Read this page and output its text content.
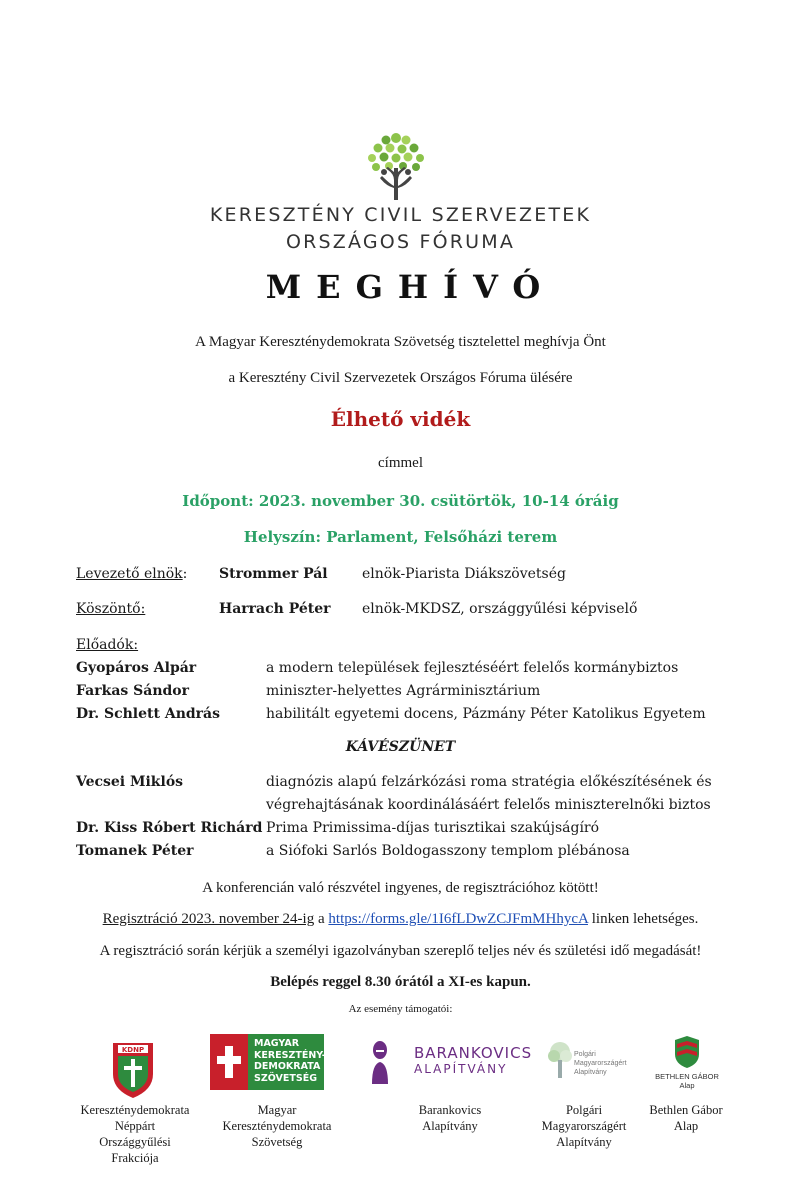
KERESZTÉNY CIVIL SZERVEZETEK
ORSZÁGOS FÓRUMA
MEGHÍVÓ
A Magyar Kereszténydemokrata Szövetség tisztelettel meghívja Önt
a Keresztény Civil Szervezetek Országos Fóruma ülésére
Élhető vidék
címmel
Időpont: 2023. november 30. csütörtök, 10-14 óráig
Helyszín: Parlament, Felsőházi terem
Levezető elnök: Strommer Pál elnök-Piarista Diákszövetség
Köszöntő:	Harrach Péter elnök-MKDSZ, országgyűlési képviselő
Előadók:
Gyopáros Alpár	a modern települések fejlesztéséért felelős kormánybiztos
Farkas Sándor	miniszter-helyettes Agrárminisztárium
Dr. Schlett András	habilitált egyetemi docens, Pázmány Péter Katolikus Egyetem
KÁVÉSZÜNET
Vecsei Miklós	diagnózis alapú felzárkózási roma stratégia előkészítésének és
végrehajtásának koordinálásáért felelős miniszterelnőki biztos
Dr. Kiss Róbert Richárd Prima Primissima-díjas turisztikai szakújságíró
Tomanek Péter	a Siófoki Sarlós Boldogasszony templom plébánosa
A konferencián való részvétel ingyenes, de regisztrációhoz kötött!
Regisztráció 2023. november 24-ig a https://forms.gle/1I6fLDwZCJFmMHhycA linken lehetséges.
A regisztráció során kérjük a személyi igazolványban szereplő teljes név és születési idő megadását!
Belépés reggel 8.30 órától a XI-es kapun.
Az esemény támogatói:
KDNP
MAGYAR
KERESZTÉNY-
DEMOKRATA
SZÖVETSÉG
BARANKOVICS
ALAPÍTVÁNY
Polgári
Magyarországért
Alapítvány	BETHLEN GÁBOR
Alap
Kereszténydemokrata
Néppárt
Országgyűlési
Frakciója
Magyar
Kereszténydemokrata
Szövetség
Barankovics
Alapítvány
Polgári
Magyarországért
Alapítvány
Bethlen Gábor
Alap
